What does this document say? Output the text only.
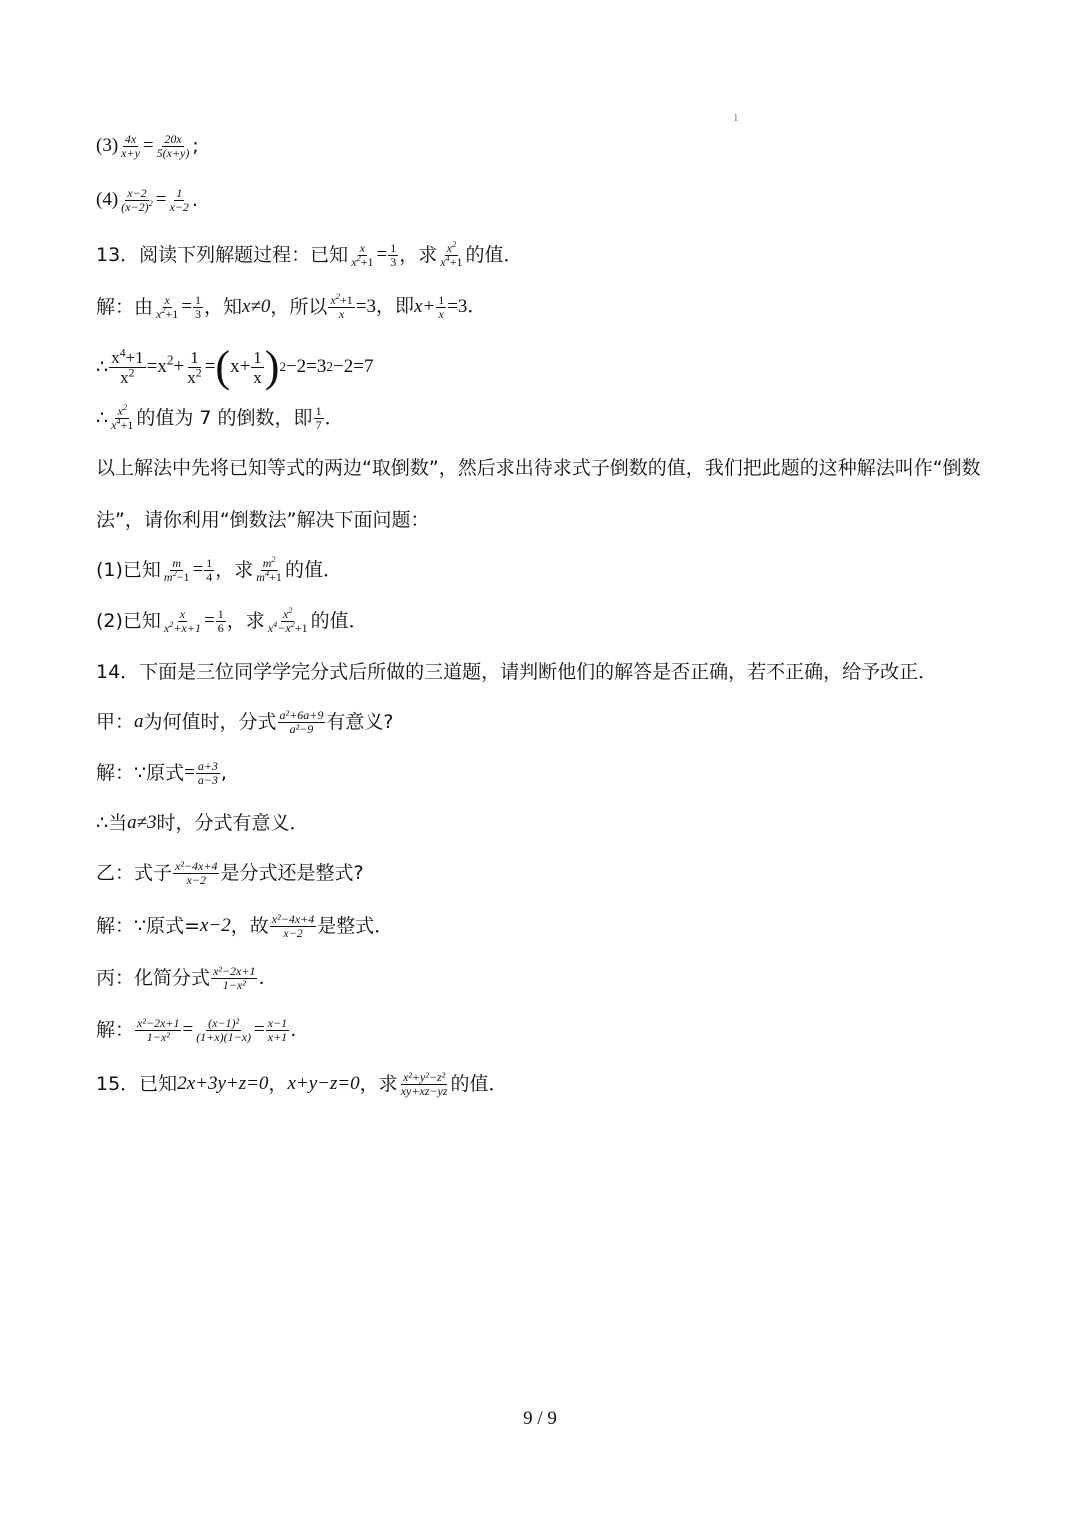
1
$(3) \frac{4x}{x+y} = \frac{20x}{5(x+y)}$ ;
$(4) \frac{x-2}{(x-2)^2} = \frac{1}{x-2}$ .
13．阅读下列解题过程：已知 $\frac{x}{x^2+1} = \frac{1}{3}$ ，求 $\frac{x^2}{x^4+1}$ 的值．
解：由 $\frac{x}{x^2+1} = \frac{1}{3}$ ，知 x≠0 ，所以 $\frac{x^2+1}{x} =3$，即 $x+ \frac{1}{x} =3$．
∴ $\frac{x^4+1}{x^2} = x^2+ \frac{1}{x^2}$ = ( $x+ \frac{1}{x}$ ) 2 −2=3 2 −2=7
∴ $\frac{x^2}{x^4+1}$ 的值为 7 的倒数，即 $\frac{1}{7}$ ．
以上解法中先将已知等式的两边“取倒数”，然后求出待求式子倒数的值，我们把此题的这种解法叫作“倒数法”，请你利用“倒数法”解决下面问题：
(1)已知 $\frac{m}{m^2-1} = \frac{1}{4}$ ，求 $\frac{m^2}{m^4+1}$ 的值．
(2)已知 $\frac{x}{x^2+x+1} = \frac{1}{6}$ ，求 $\frac{x^2}{x^4-x^2+1}$ 的值．
14．下面是三位同学学完分式后所做的三道题，请判断他们的解答是否正确，若不正确，给予改正．
甲： a 为何值时，分式 $\frac{\text{a²+6a+9}}{\text{a²−9}}$ 有意义?
解：∵原式 = $\frac{a+3}{a-3}$ ,
∴当 a≠3 时，分式有意义．
乙：式子 $\frac{\text{x²−4x+4}}{x-2}$ 是分式还是整式?
解：∵原式= x−2 ，故 $\frac{\text{x²−4x+4}}{x-2}$ 是整式．
丙：化简分式 $\frac{\text{x²−2x+1}}{\text{1−x²}}$ .
解： $\frac{\text{x²−2x+1}}{\text{1−x²}} = \frac{\text{(x−1)²}}{(1+x)(1-x)} = \frac{x-1}{x+1}$ .
15．已知 2x+3y+z=0 ， x+y−z=0 ，求 $\frac{\text{x²+y²−z²}}{xy+xz-yz}$ 的值．
9 / 9
